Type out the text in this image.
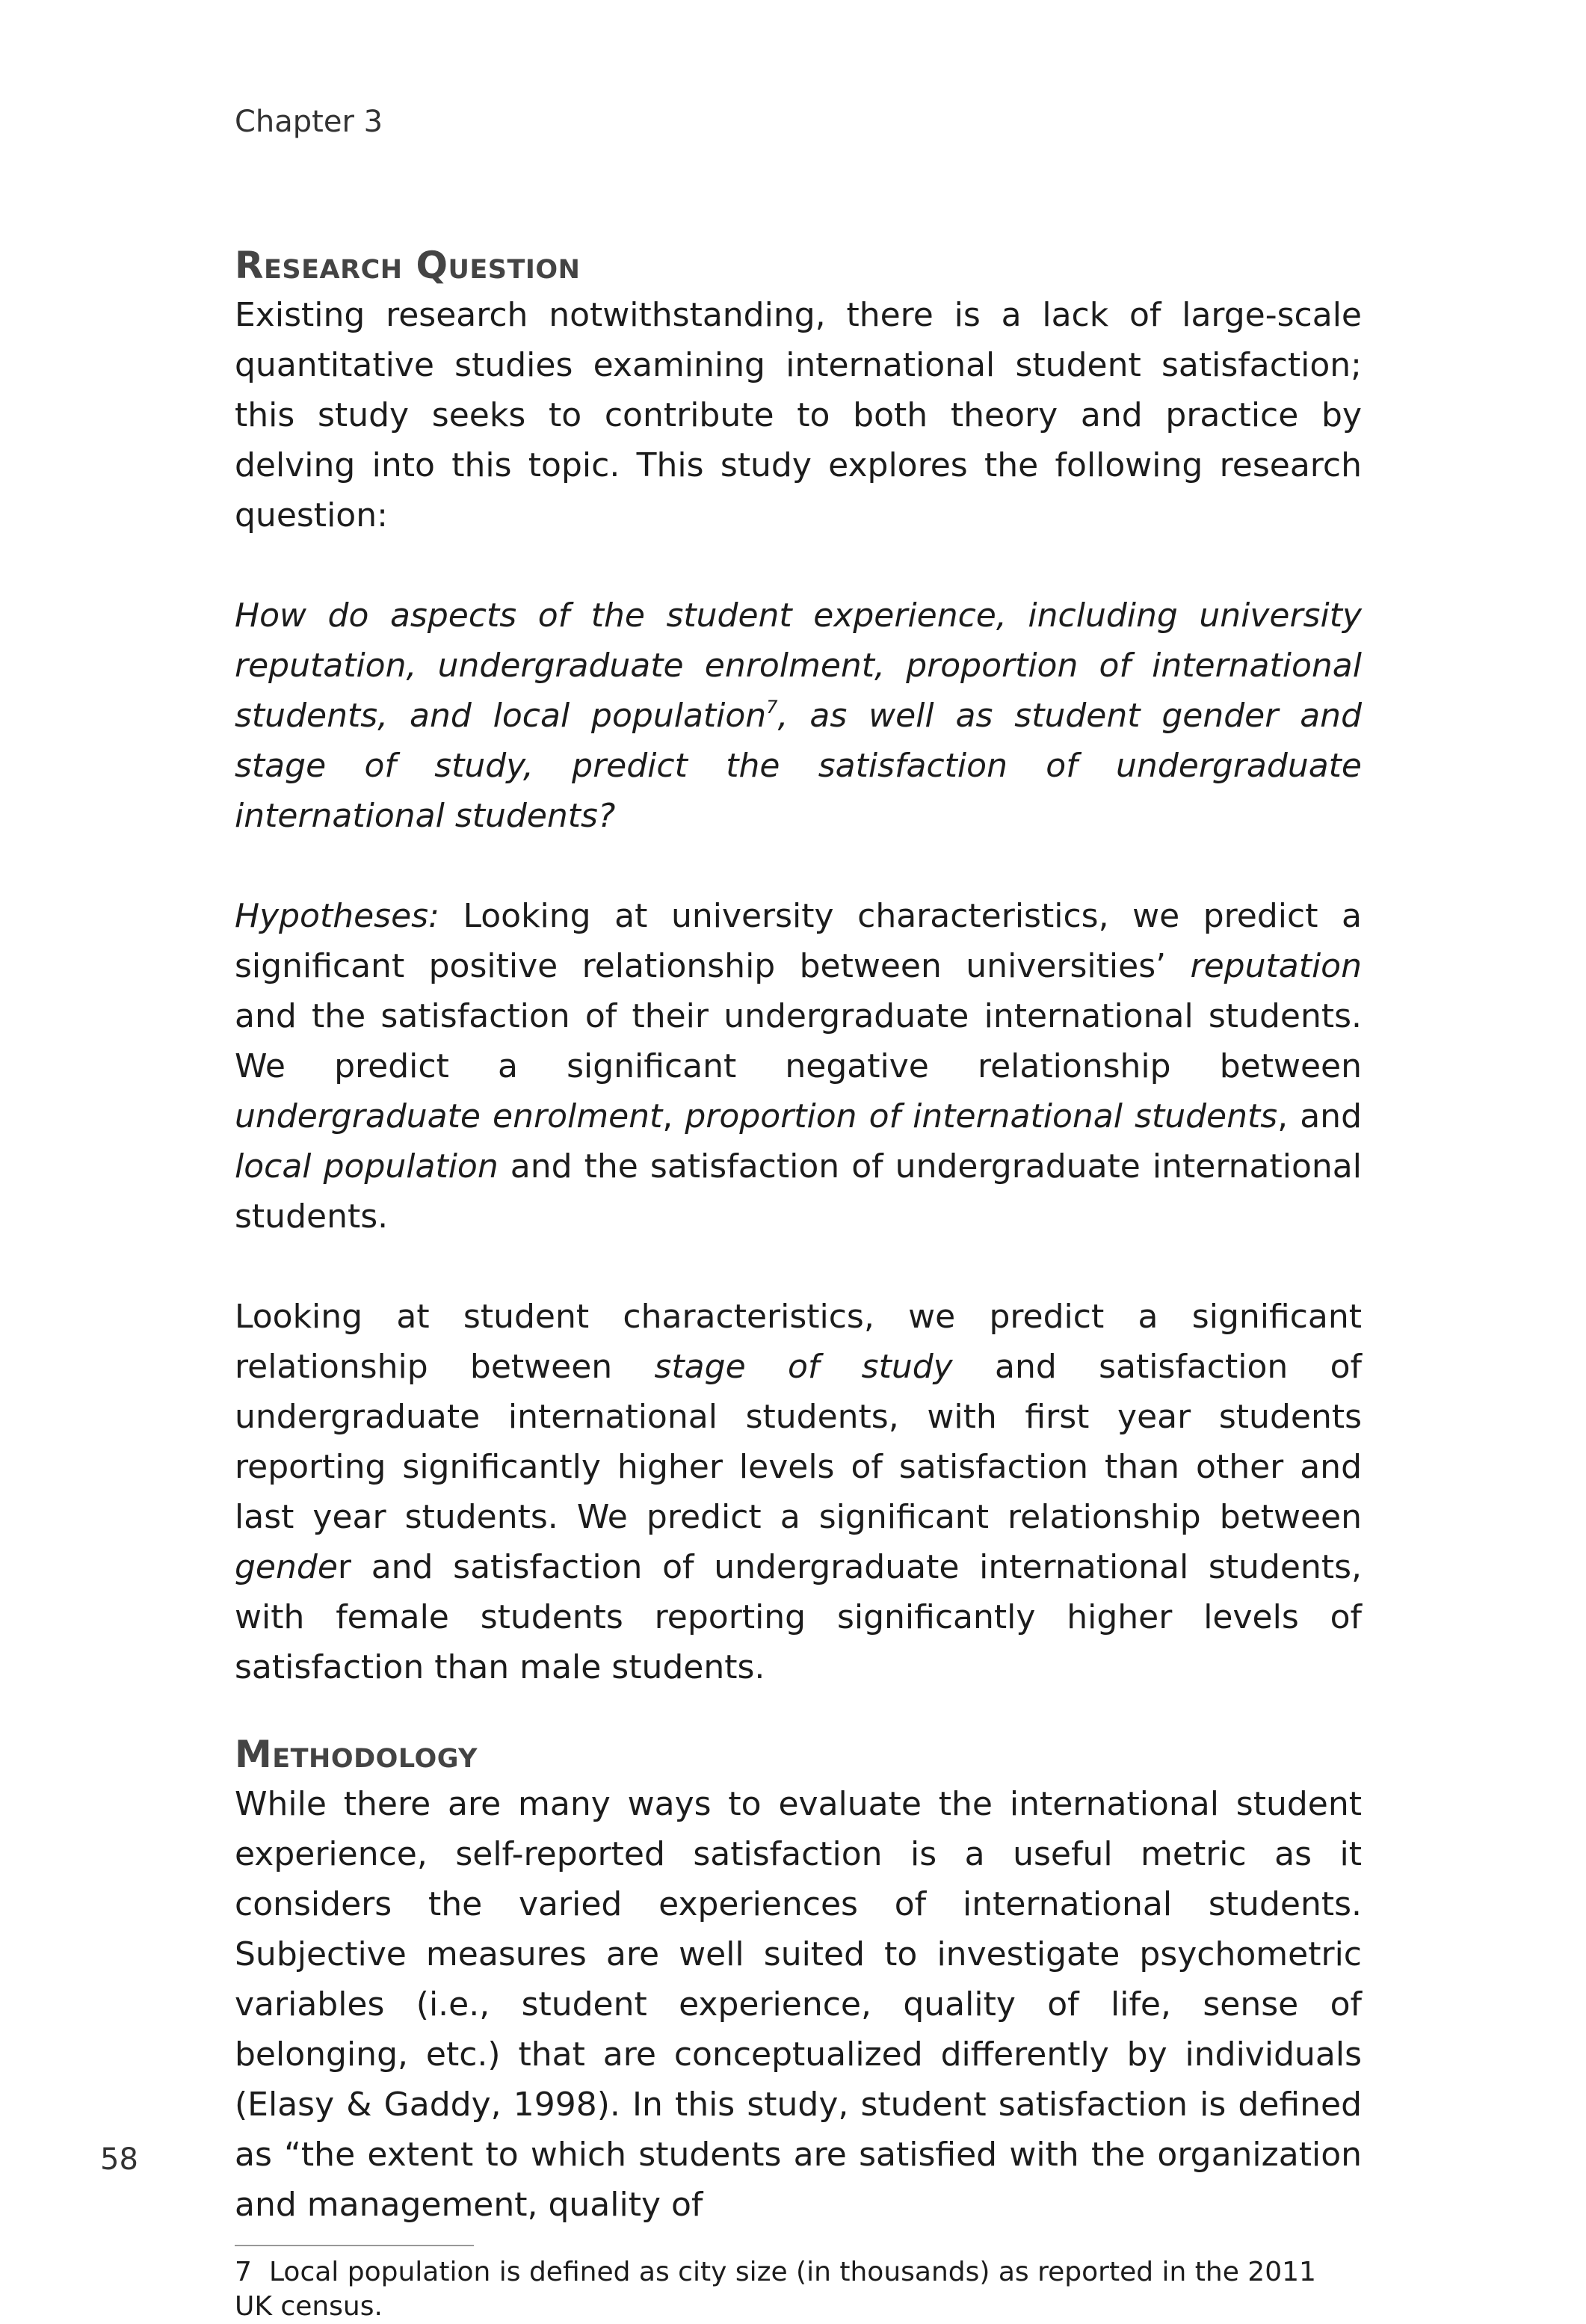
Chapter 3
Research Question

Existing research notwithstanding, there is a lack of large-scale quantitative studies examining international student satisfaction; this study seeks to contribute to both theory and practice by delving into this topic. This study explores the following research question:

How do aspects of the student experience, including university reputation, undergraduate enrolment, proportion of international students, and local population$^7$, as well as student gender and stage of study, predict the satisfaction of undergraduate international students?

Hypotheses: Looking at university characteristics, we predict a significant positive relationship between universities’ reputation and the satisfaction of their undergraduate international students. We predict a significant negative relationship between undergraduate enrolment, proportion of international students, and local population and the satisfaction of undergraduate international students.

Looking at student characteristics, we predict a significant relationship between stage of study and satisfaction of undergraduate international students, with first year students reporting significantly higher levels of satisfaction than other and last year students. We predict a significant relationship between gender and satisfaction of undergraduate international students, with female students reporting significantly higher levels of satisfaction than male students.

Methodology

While there are many ways to evaluate the international student experience, self-reported satisfaction is a useful metric as it considers the varied experiences of international students. Subjective measures are well suited to investigate psychometric variables (i.e., student experience, quality of life, sense of belonging, etc.) that are conceptualized differently by individuals (Elasy & Gaddy, 1998). In this study, student satisfaction is defined as “the extent to which students are satisfied with the organization and management, quality of

7 Local population is defined as city size (in thousands) as reported in the 2011 UK census.

58
